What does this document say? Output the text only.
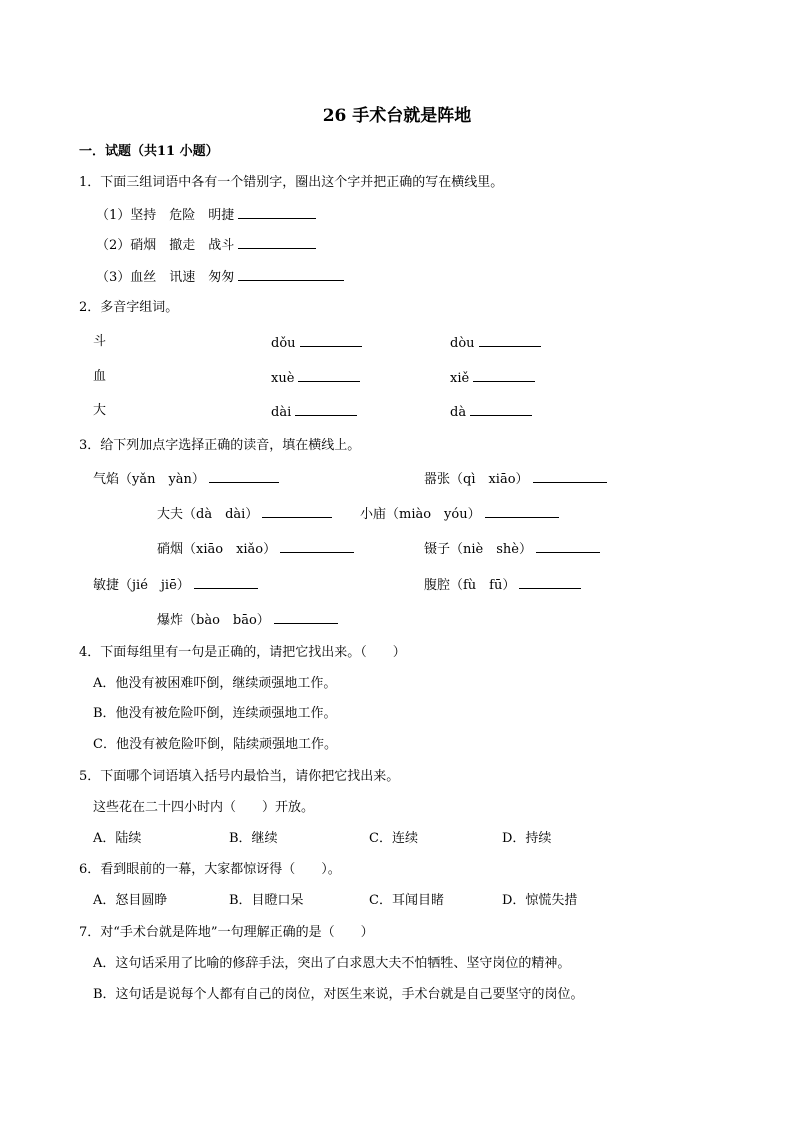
26 手术台就是阵地
一．试题（共11 小题）
1．下面三组词语中各有一个错别字，圈出这个字并把正确的写在横线里。
（1）坚持　危险　明捷
（2）硝烟　撤走　战斗
（3）血丝　讯速　匆匆
2．多音字组词。
斗	dǒu	dòu
血	xuè	xiě
大	dài	dà
3．给下列加点字选择正确的读音，填在横线上。
气焰（yǎn　yàn）	嚣张（qì　xiāo）
大夫（dà　dài）	小庙（miào　yóu）
硝烟（xiāo　xiǎo）	镊子（niè　shè）
敏捷（jié　jiē）	腹腔（fù　fū）
爆炸（bào　bāo）
4．下面每组里有一句是正确的，请把它找出来。（　　）
A．他没有被困难吓倒，继续顽强地工作。
B．他没有被危险吓倒，连续顽强地工作。
C．他没有被危险吓倒，陆续顽强地工作。
5．下面哪个词语填入括号内最恰当，请你把它找出来。
这些花在二十四小时内（　　）开放。
A．陆续	B．继续	C．连续	D．持续
6．看到眼前的一幕，大家都惊讶得（　　）。
A．怒目圆睁	B．目瞪口呆	C．耳闻目睹	D．惊慌失措
7．对“手术台就是阵地”一句理解正确的是（　　）
A．这句话采用了比喻的修辞手法，突出了白求恩大夫不怕牺牲、坚守岗位的精神。
B．这句话是说每个人都有自己的岗位，对医生来说，手术台就是自己要坚守的岗位。
